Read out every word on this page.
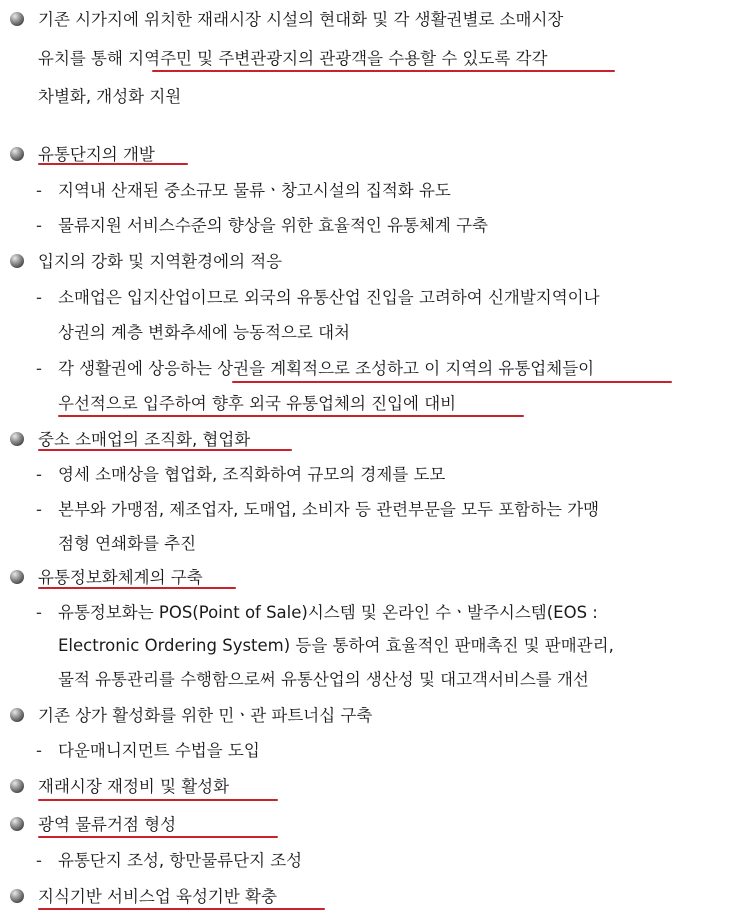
기존 시가지에 위치한 재래시장 시설의 현대화 및 각 생활권별로 소매시장
유치를 통해 지역주민 및 주변관광지의 관광객을 수용할 수 있도록 각각
차별화, 개성화 지원
유통단지의 개발
- 지역내 산재된 중소규모 물류ㆍ창고시설의 집적화 유도
- 물류지원 서비스수준의 향상을 위한 효율적인 유통체계 구축
입지의 강화 및 지역환경에의 적응
- 소매업은 입지산업이므로 외국의 유통산업 진입을 고려하여 신개발지역이나
상권의 계층 변화추세에 능동적으로 대처
- 각 생활권에 상응하는 상권을 계획적으로 조성하고 이 지역의 유통업체들이
우선적으로 입주하여 향후 외국 유통업체의 진입에 대비
중소 소매업의 조직화, 협업화
- 영세 소매상을 협업화, 조직화하여 규모의 경제를 도모
- 본부와 가맹점, 제조업자, 도매업, 소비자 등 관련부문을 모두 포함하는 가맹
점형 연쇄화를 추진
유통정보화체계의 구축
- 유통정보화는 POS(Point of Sale)시스템 및 온라인 수ㆍ발주시스템(EOS :
Electronic Ordering System) 등을 통하여 효율적인 판매촉진 및 판매관리,
물적 유통관리를 수행함으로써 유통산업의 생산성 및 대고객서비스를 개선
기존 상가 활성화를 위한 민ㆍ관 파트너십 구축
- 다운매니지먼트 수법을 도입
재래시장 재정비 및 활성화
광역 물류거점 형성
- 유통단지 조성, 항만물류단지 조성
지식기반 서비스업 육성기반 확충
